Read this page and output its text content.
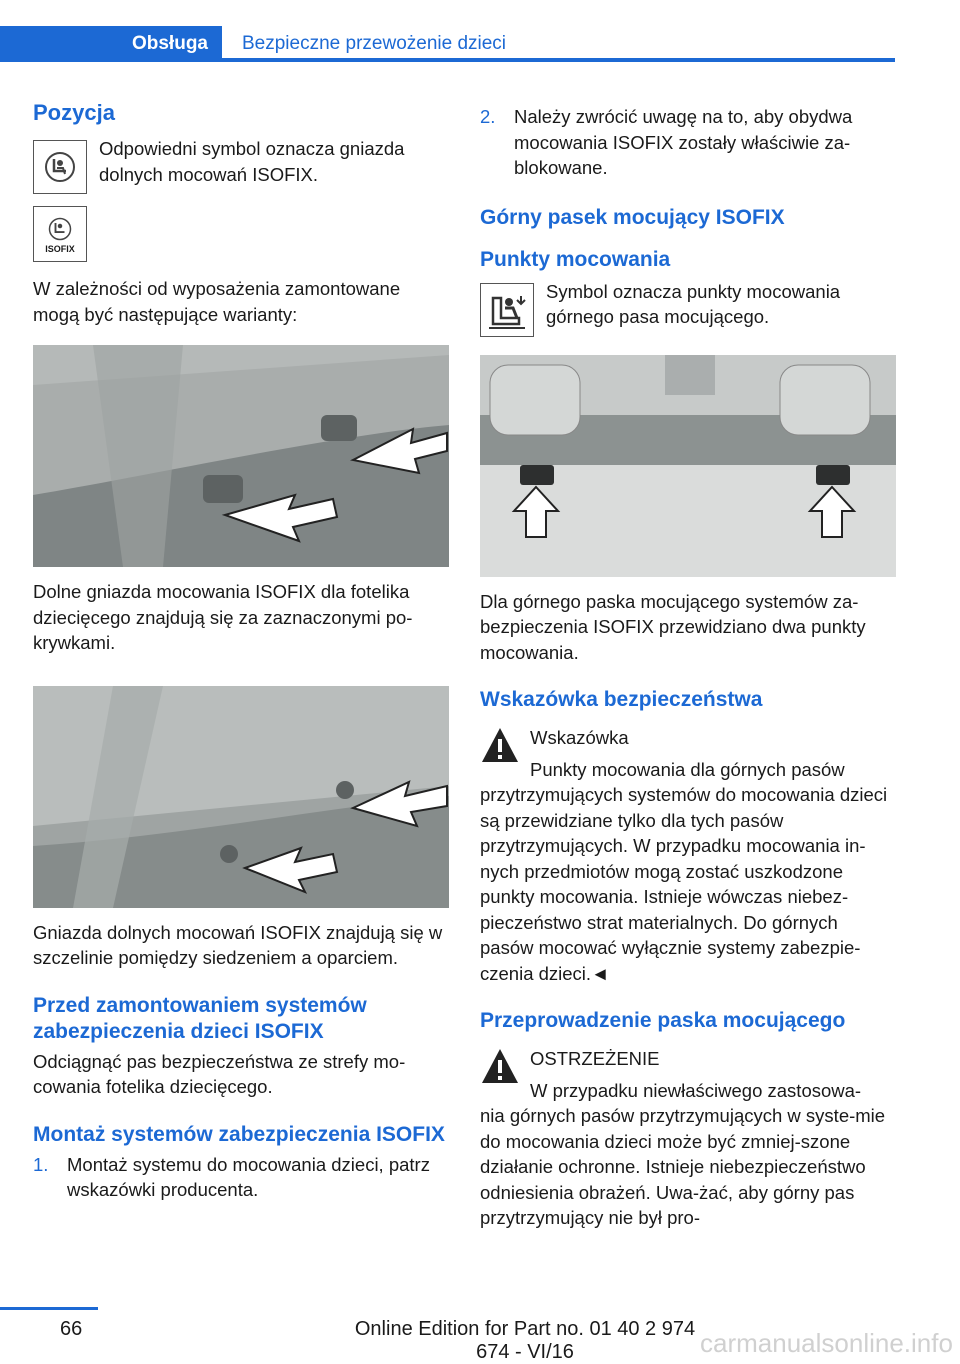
Obsługa	Bezpieczne przewożenie dzieci
Pozycja

Odpowiedni symbol oznacza gniazda dolnych mocowań ISOFIX.

ISOFIX

W zależności od wyposażenia zamontowane mogą być następujące warianty:

Dolne gniazda mocowania ISOFIX dla fotelika dziecięcego znajdują się za zaznaczonymi po‐krywkami.

Gniazda dolnych mocowań ISOFIX znajdują się w szczelinie pomiędzy siedzeniem a oparciem.

Przed zamontowaniem systemów zabezpieczenia dzieci ISOFIX

Odciągnąć pas bezpieczeństwa ze strefy mo‐cowania fotelika dziecięcego.

Montaż systemów zabezpieczenia ISOFIX
1.	Montaż systemu do mocowania dzieci, patrz wskazówki producenta.
2.	Należy zwrócić uwagę na to, aby obydwa mocowania ISOFIX zostały właściwie za‐blokowane.
Górny pasek mocujący ISOFIX
Punkty mocowania

Symbol oznacza punkty mocowania górnego pasa mocującego.

Dla górnego paska mocującego systemów za‐bezpieczenia ISOFIX przewidziano dwa punkty mocowania.

Wskazówka bezpieczeństwa

Wskazówka

Punkty mocowania dla górnych pasów

przytrzymujących systemów do mocowania dzieci są przewidziane tylko dla tych pasów przytrzymujących. W przypadku mocowania in‐nych przedmiotów mogą zostać uszkodzone punkty mocowania. Istnieje wówczas niebez‐pieczeństwo strat materialnych. Do górnych pasów mocować wyłącznie systemy zabezpie‐czenia dzieci.◄

Przeprowadzenie paska mocującego

OSTRZEŻENIE

W przypadku niewłaściwego zastosowa‐

nia górnych pasów przytrzymujących w syste‐mie do mocowania dzieci może być zmniej‐szone działanie ochronne. Istnieje niebezpieczeństwo odniesienia obrażeń. Uwa‐żać, aby górny pas przytrzymujący nie był pro‐

66	Online Edition for Part no. 01 40 2 974 674 - VI/16	carmanualsonline.info
